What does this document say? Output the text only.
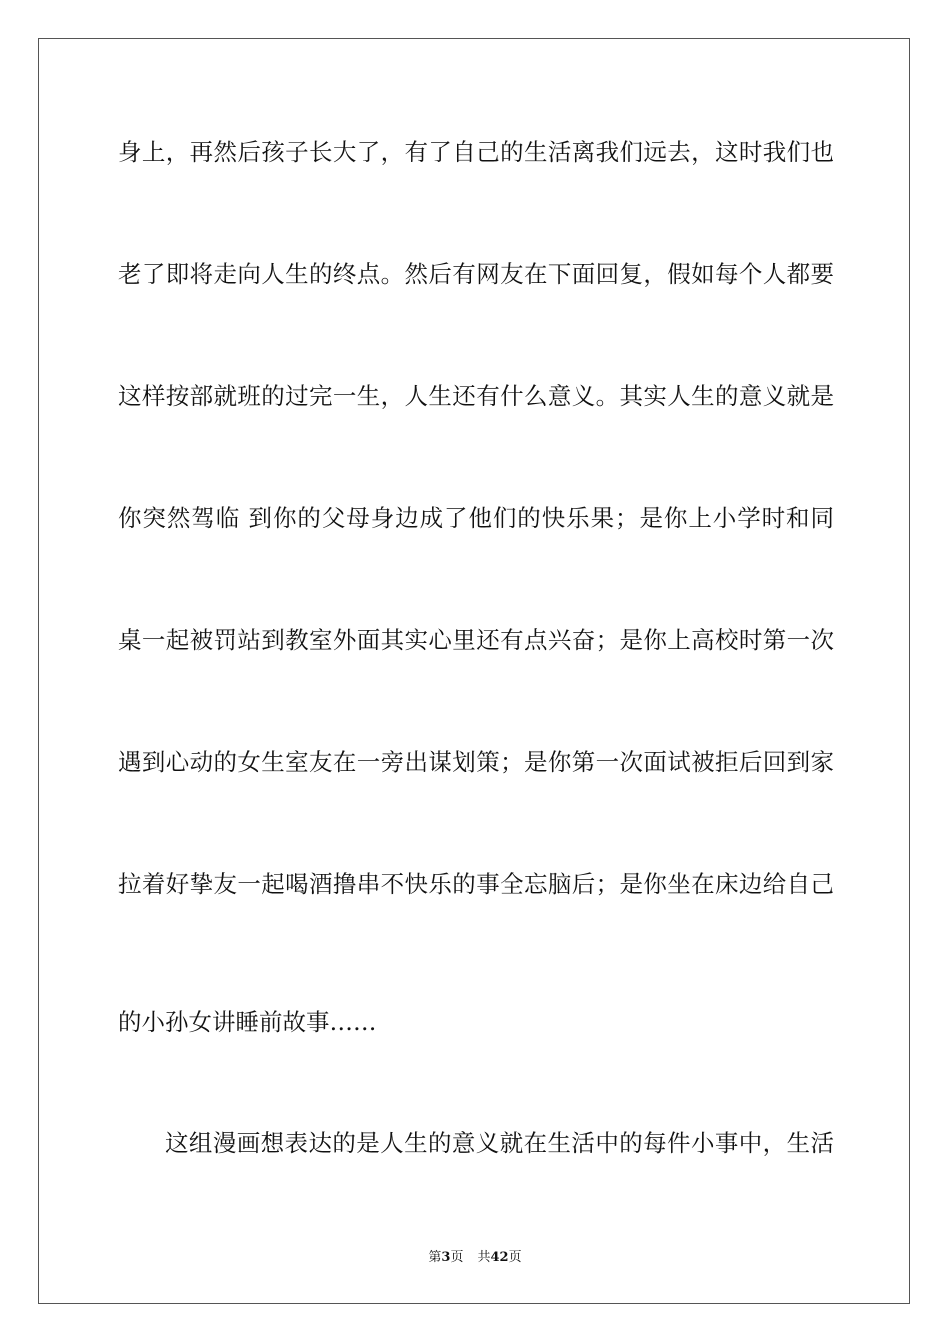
身上，再然后孩子长大了，有了自己的生活离我们远去，这时我们也
老了即将走向人生的终点。然后有网友在下面回复，假如每个人都要
这样按部就班的过完一生，人生还有什么意义。其实人生的意义就是
你突然驾临 到你的父母身边成了他们的快乐果；是你上小学时和同
桌一起被罚站到教室外面其实心里还有点兴奋；是你上高校时第一次
遇到心动的女生室友在一旁出谋划策；是你第一次面试被拒后回到家
拉着好挚友一起喝酒撸串不快乐的事全忘脑后；是你坐在床边给自己
的小孙女讲睡前故事……
这组漫画想表达的是人生的意义就在生活中的每件小事中，生活
第3页 共42页
